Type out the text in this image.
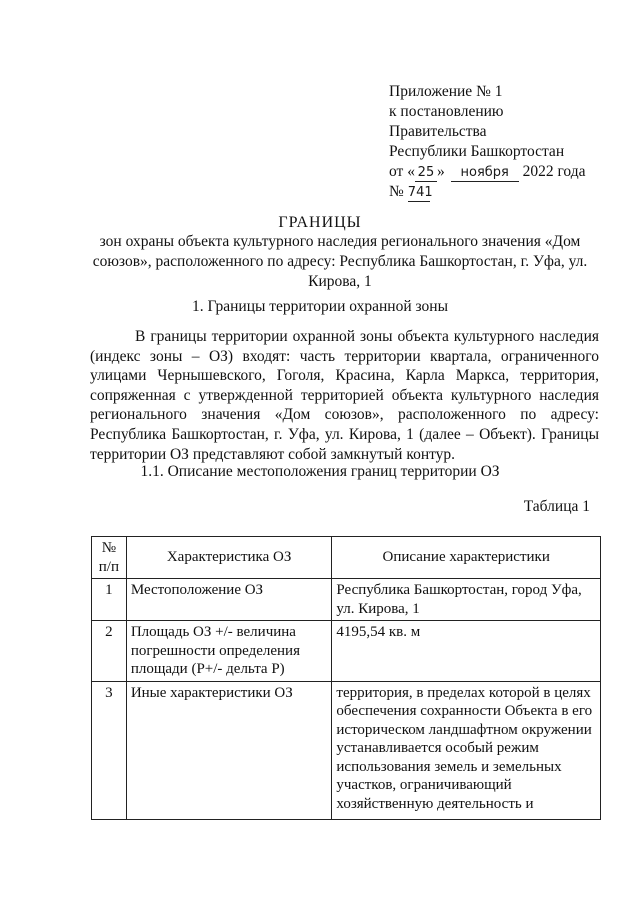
Приложение № 1
к постановлению
Правительства
Республики Башкортостан
от « 25 » ноября 2022 года
№ 741
ГРАНИЦЫ
зон охраны объекта культурного наследия регионального значения «Дом союзов», расположенного по адресу: Республика Башкортостан, г. Уфа, ул. Кирова, 1
1. Границы территории охранной зоны

В границы территории охранной зоны объекта культурного наследия (индекс зоны – ОЗ) входят: часть территории квартала, ограниченного улицами Чернышевского, Гоголя, Красина, Карла Маркса, территория, сопряженная с утвержденной территорией объекта культурного наследия регионального значения «Дом союзов», расположенного по адресу: Республика Башкортостан, г. Уфа, ул. Кирова, 1 (далее – Объект). Границы территории ОЗ представляют собой замкнутый контур.

1.1. Описание местоположения границ территории ОЗ
Таблица 1
№ п/п	Характеристика ОЗ	Описание характеристики
1	Местоположение ОЗ	Республика Башкортостан, город Уфа, ул. Кирова, 1
2	Площадь ОЗ +/- величина погрешности определения площади (Р+/- дельта Р)	4195,54 кв. м
3	Иные характеристики ОЗ	территория, в пределах которой в целях обеспечения сохранности Объекта в его историческом ландшафтном окружении устанавливается особый режим использования земель и земельных участков, ограничивающий хозяйственную деятельность и
